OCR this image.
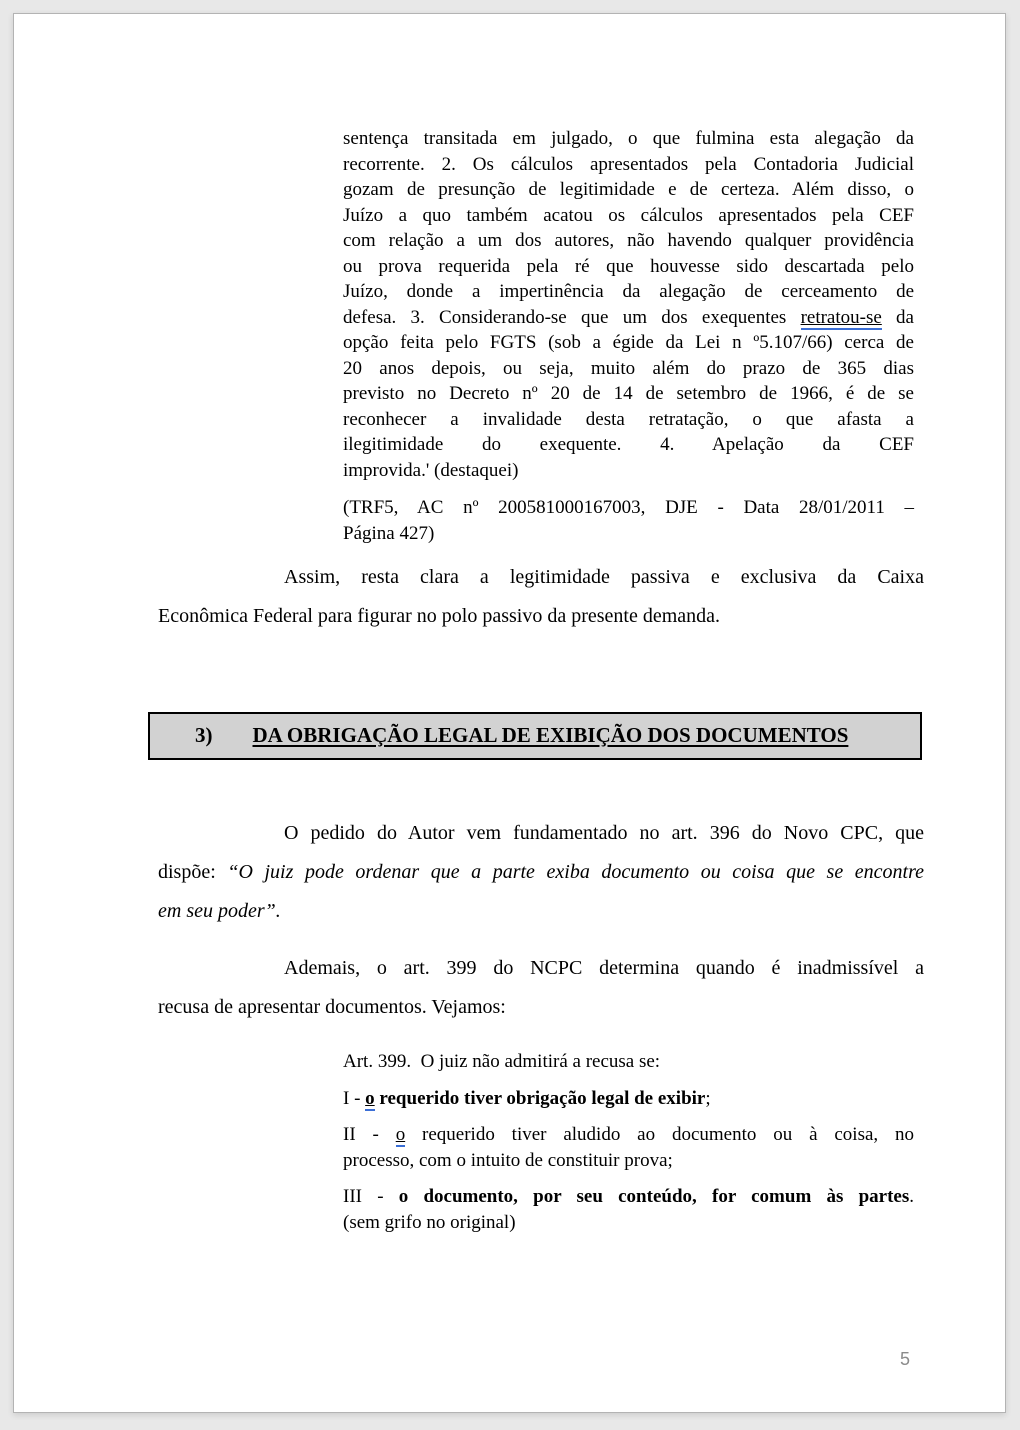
sentença transitada em julgado, o que fulmina esta alegação da
recorrente. 2. Os cálculos apresentados pela Contadoria Judicial
gozam de presunção de legitimidade e de certeza. Além disso, o
Juízo a quo também acatou os cálculos apresentados pela CEF
com relação a um dos autores, não havendo qualquer providência
ou prova requerida pela ré que houvesse sido descartada pelo
Juízo, donde a impertinência da alegação de cerceamento de
defesa. 3. Considerando-se que um dos exequentes retratou-se da
opção feita pelo FGTS (sob a égide da Lei n º5.107/66) cerca de
20 anos depois, ou seja, muito além do prazo de 365 dias
previsto no Decreto nº 20 de 14 de setembro de 1966, é de se
reconhecer a invalidade desta retratação, o que afasta a
ilegitimidade do exequente. 4. Apelação da CEF
improvida.' (destaquei)
(TRF5, AC nº 200581000167003, DJE - Data 28/01/2011 –
Página 427)
Assim, resta clara a legitimidade passiva e exclusiva da Caixa
Econômica Federal para figurar no polo passivo da presente demanda.
3) DA OBRIGAÇÃO LEGAL DE EXIBIÇÃO DOS DOCUMENTOS
O pedido do Autor vem fundamentado no art. 396 do Novo CPC, que
dispõe: “O juiz pode ordenar que a parte exiba documento ou coisa que se encontre
em seu poder”.
Ademais, o art. 399 do NCPC determina quando é inadmissível a
recusa de apresentar documentos. Vejamos:
Art. 399.  O juiz não admitirá a recusa se:
I - o requerido tiver obrigação legal de exibir;
II - o requerido tiver aludido ao documento ou à coisa, no
processo, com o intuito de constituir prova;
III - o documento, por seu conteúdo, for comum às partes.
(sem grifo no original)
5
